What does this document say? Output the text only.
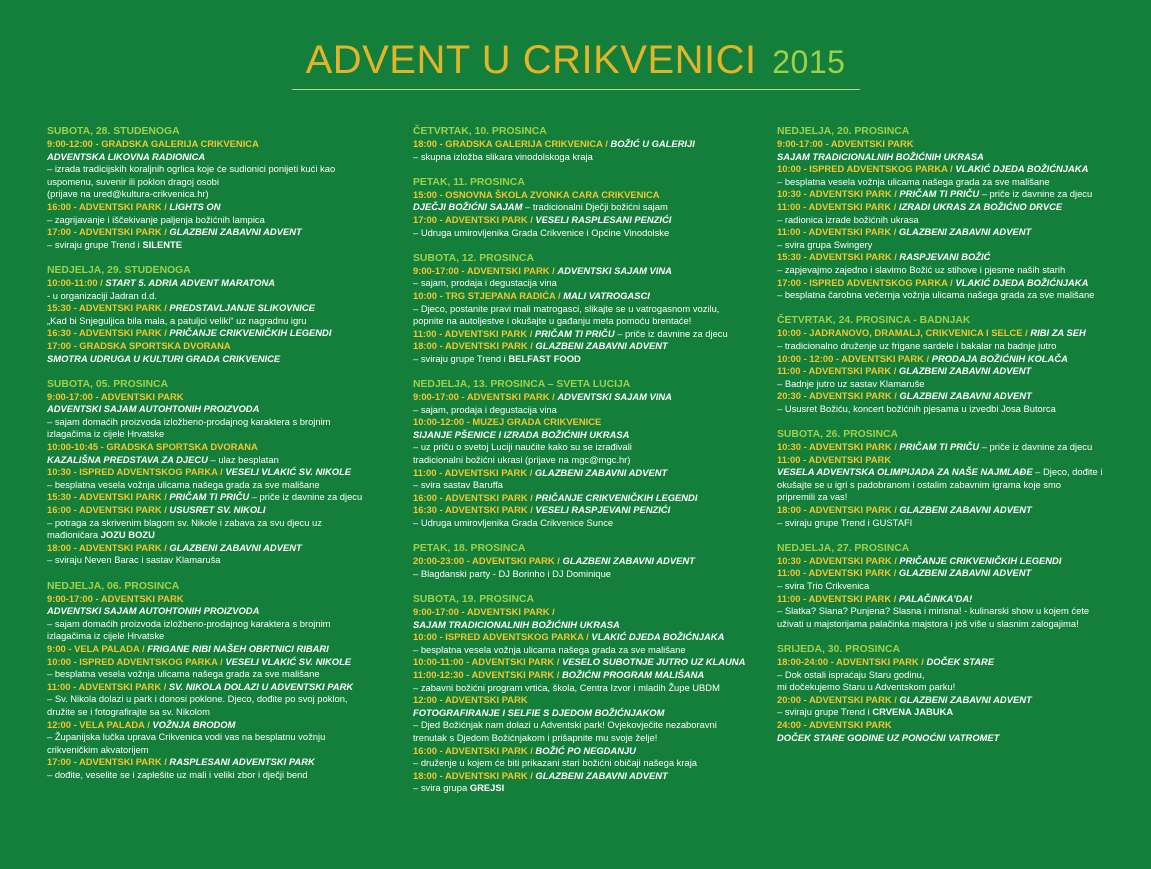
ADVENT U CRIKVENICI 2015
SUBOTA, 28. STUDENOGA
9:00-12:00 - GRADSKA GALERIJA CRIKVENICA
ADVENTSKA LIKOVNA RADIONICA
– izrada tradicijskih koraljnih ogrlica koje će sudionici ponijeti kući kao
uspomenu, suvenir ili poklon dragoj osobi
(prijave na ured@kultura-crikvenica.hr)
16:00 - ADVENTSKI PARK / LIGHTS ON
– zagrijavanje i iščekivanje paljenja božićnih lampica
17:00 - ADVENTSKI PARK / GLAZBENI ZABAVNI ADVENT
– sviraju grupe Trend i SILENTE
NEDJELJA, 29. STUDENOGA
10:00-11:00 / START 5. ADRIA ADVENT MARATONA
- u organizaciji Jadran d.d.
15:30 - ADVENTSKI PARK / PREDSTAVLJANJE SLIKOVNICE
„Kad bi Snjeguljica bila mala, a patuljci veliki“ uz nagradnu igru
16:30 - ADVENTSKI PARK / PRIČANJE CRIKVENIČKIH LEGENDI
17:00 - GRADSKA SPORTSKA DVORANA
SMOTRA UDRUGA U KULTURI GRADA CRIKVENICE
SUBOTA, 05. PROSINCA
9:00-17:00 - ADVENTSKI PARK
ADVENTSKI SAJAM AUTOHTONIH PROIZVODA
– sajam domaćih proizvoda izložbeno-prodajnog karaktera s brojnim
izlagačima iz cijele Hrvatske
10:00-10:45 - GRADSKA SPORTSKA DVORANA
KAZALIŠNA PREDSTAVA ZA DJECU – ulaz besplatan
10:30 - ISPRED ADVENTSKOG PARKA / VESELI VLAKIĆ SV. NIKOLE
– besplatna vesela vožnja ulicama našega grada za sve mališane
15:30 - ADVENTSKI PARK / PRIČAM TI PRIČU – priče iz davnine za djecu
16:00 - ADVENTSKI PARK / USUSRET SV. NIKOLI
– potraga za skrivenim blagom sv. Nikole i zabava za svu djecu uz
mađioničara JOZU BOZU
18:00 - ADVENTSKI PARK / GLAZBENI ZABAVNI ADVENT
– sviraju Neven Barac i sastav Klamaruša
NEDJELJA, 06. PROSINCA
9:00-17:00 - ADVENTSKI PARK
ADVENTSKI SAJAM AUTOHTONIH PROIZVODA
– sajam domaćih proizvoda izložbeno-prodajnog karaktera s brojnim
izlagačima iz cijele Hrvatske
9:00 - VELA PALADA / FRIGANE RIBI NAŠEH OBRTNICI RIBARI
10:00 - ISPRED ADVENTSKOG PARKA / VESELI VLAKIĆ SV. NIKOLE
– besplatna vesela vožnja ulicama našega grada za sve mališane
11:00 - ADVENTSKI PARK / SV. NIKOLA DOLAZI U ADVENTSKI PARK
– Sv. Nikola dolazi u park i donosi poklone. Djeco, dođite po svoj poklon,
družite se i fotografirajte sa sv. Nikolom
12:00 - VELA PALADA / VOŽNJA BRODOM
– Županijska lučka uprava Crikvenica vodi vas na besplatnu vožnju
crikveničkim akvatorijem
17:00 - ADVENTSKI PARK / RASPLESANI ADVENTSKI PARK
– dođite, veselite se i zaplešite uz mali i veliki zbor i dječji bend
ČETVRTAK, 10. PROSINCA
18:00 - GRADSKA GALERIJA CRIKVENICA / BOŽIĆ U GALERIJI
– skupna izložba slikara vinodolskoga kraja
PETAK, 11. PROSINCA
15:00 - OSNOVNA ŠKOLA ZVONKA CARA CRIKVENICA
DJEČJI BOŽIĆNI SAJAM – tradicionalni Dječji božićni sajam
17:00 - ADVENTSKI PARK / VESELI RASPLESANI PENZIĆI
– Udruga umirovljenika Grada Crikvenice i Općine Vinodolske
SUBOTA, 12. PROSINCA
9:00-17:00 - ADVENTSKI PARK / ADVENTSKI SAJAM VINA
– sajam, prodaja i degustacija vina
10:00 - TRG STJEPANA RADIĆA / MALI VATROGASCI
– Djeco, postanite pravi mali matrogasci, slikajte se u vatrogasnom vozilu,
popnite na autoljestve i okušajte u gađanju meta pomoću brentaće!
11:00 - ADVENTSKI PARK / PRIČAM TI PRIČU – priče iz davnine za djecu
18:00 - ADVENTSKI PARK / GLAZBENI ZABAVNI ADVENT
– sviraju grupe Trend i BELFAST FOOD
NEDJELJA, 13. PROSINCA – SVETA LUCIJA
9:00-17:00 - ADVENTSKI PARK / ADVENTSKI SAJAM VINA
– sajam, prodaja i degustacija vina
10:00-12:00 - MUZEJ GRADA CRIKVENICE
SIJANJE PŠENICE I IZRADA BOŽIĆNIH UKRASA
– uz priču o svetoj Luciji naučite kako su se izrađivali
tradicionalni božićni ukrasi (prijave na mgc@mgc.hr)
11:00 - ADVENTSKI PARK / GLAZBENI ZABAVNI ADVENT
– svira sastav Baruffa
16:00 - ADVENTSKI PARK / PRIČANJE CRIKVENIČKIH LEGENDI
16:30 - ADVENTSKI PARK / VESELI RASPJEVANI PENZIĆI
– Udruga umirovljenika Grada Crikvenice Sunce
PETAK, 18. PROSINCA
20:00-23:00 - ADVENTSKI PARK / GLAZBENI ZABAVNI ADVENT
– Blagdanski party - DJ Borinho i DJ Dominique
SUBOTA, 19. PROSINCA
9:00-17:00 - ADVENTSKI PARK /
SAJAM TRADICIONALNIH BOŽIĆNIH UKRASA
10:00 - ISPRED ADVENTSKOG PARKA / VLAKIĆ DJEDA BOŽIĆNJAKA
– besplatna vesela vožnja ulicama našega grada za sve mališane
10:00-11:00 - ADVENTSKI PARK / VESELO SUBOTNJE JUTRO UZ KLAUNA
11:00-12:30 - ADVENTSKI PARK / BOŽIĆNI PROGRAM MALIŠANA
– zabavni božićni program vrtića, škola, Centra Izvor i mladih Župe UBDM
12:00 - ADVENTSKI PARK
FOTOGRAFIRANJE I SELFIE S DJEDOM BOŽIĆNJAKOM
– Djed Božićnjak nam dolazi u Adventski park! Ovjekovječite nezaboravni
trenutak s Djedom Božićnjakom i prišapnite mu svoje želje!
16:00 - ADVENTSKI PARK / BOŽIĆ PO NEGDANJU
– druženje u kojem će biti prikazani stari božićni običaji našega kraja
18:00 - ADVENTSKI PARK / GLAZBENI ZABAVNI ADVENT
– svira grupa GREJSI
NEDJELJA, 20. PROSINCA
9:00-17:00 - ADVENTSKI PARK
SAJAM TRADICIONALNIH BOŽIĆNIH UKRASA
10:00 - ISPRED ADVENTSKOG PARKA / VLAKIĆ DJEDA BOŽIĆNJAKA
– besplatna vesela vožnja ulicama našega grada za sve mališane
10:30 - ADVENTSKI PARK / PRIČAM TI PRIČU – priče iz davnine za djecu
11:00 - ADVENTSKI PARK / IZRADI UKRAS ZA BOŽIĆNO DRVCE
– radionica izrade božićnih ukrasa
11:00 - ADVENTSKI PARK / GLAZBENI ZABAVNI ADVENT
– svira grupa Swingery
15:30 - ADVENTSKI PARK / RASPJEVANI BOŽIĆ
– zapjevajmo zajedno i slavimo Božić uz stihove i pjesme naših starih
17:00 - ISPRED ADVENTSKOG PARKA / VLAKIĆ DJEDA BOŽIĆNJAKA
– besplatna čarobna večernja vožnja ulicama našega grada za sve mališane
ČETVRTAK, 24. PROSINCA - BADNJAK
10:00 - JADRANOVO, DRAMALJ, CRIKVENICA I SELCE / RIBI ZA SEH
– tradicionalno druženje uz frigane sardele i bakalar na badnje jutro
10:00 - 12:00 - ADVENTSKI PARK / PRODAJA BOŽIĆNIH KOLAČA
11:00 - ADVENTSKI PARK / GLAZBENI ZABAVNI ADVENT
– Badnje jutro uz sastav Klamaruše
20:30 - ADVENTSKI PARK / GLAZBENI ZABAVNI ADVENT
– Ususret Božiću, koncert božićnih pjesama u izvedbi Josa Butorca
SUBOTA, 26. PROSINCA
10:30 - ADVENTSKI PARK / PRIČAM TI PRIČU – priče iz davnine za djecu
11:00 - ADVENTSKI PARK
VESELA ADVENTSKA OLIMPIJADA ZA NAŠE NAJMLAĐE – Djeco, dođite i
okušajte se u igri s padobranom i ostalim zabavnim igrama koje smo
pripremili za vas!
18:00 - ADVENTSKI PARK / GLAZBENI ZABAVNI ADVENT
– sviraju grupe Trend i GUSTAFI
NEDJELJA, 27. PROSINCA
10:30 - ADVENTSKI PARK / PRIČANJE CRIKVENIČKIH LEGENDI
11:00 - ADVENTSKI PARK / GLAZBENI ZABAVNI ADVENT
– svira Trio Crikvenica
11:00 - ADVENTSKI PARK / PALAČINKA'DA!
– Slatka? Slana? Punjena? Slasna i mirisna! - kulinarski show u kojem ćete
uživati u majstorijama palačinka majstora i još više u slasnim zalogajima!
SRIJEDA, 30. PROSINCA
18:00-24:00 - ADVENTSKI PARK / DOČEK STARE
– Dok ostali ispraćaju Staru godinu,
mi dočekujemo Staru u Adventskom parku!
20:00 - ADVENTSKI PARK / GLAZBENI ZABAVNI ADVENT
– sviraju grupe Trend i CRVENA JABUKA
24:00 - ADVENTSKI PARK
DOČEK STARE GODINE UZ PONOĆNI VATROMET
